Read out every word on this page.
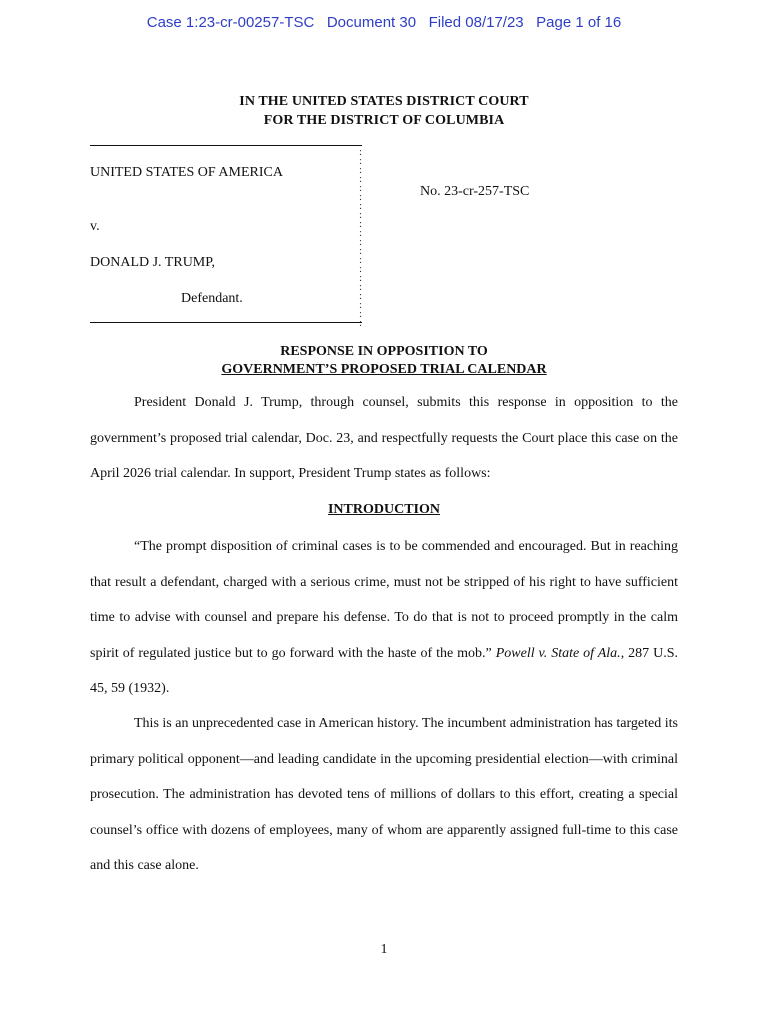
Case 1:23-cr-00257-TSC Document 30 Filed 08/17/23 Page 1 of 16
IN THE UNITED STATES DISTRICT COURT
FOR THE DISTRICT OF COLUMBIA
:
:
:
:
:
:
:
:
:
:
:
:
:
:
:
:
:
:
:
:
UNITED STATES OF AMERICA
No. 23-cr-257-TSC
v.
DONALD J. TRUMP,
Defendant.
RESPONSE IN OPPOSITION TO
GOVERNMENT’S PROPOSED TRIAL CALENDAR
President Donald J. Trump, through counsel, submits this response in opposition to the government’s proposed trial calendar, Doc. 23, and respectfully requests the Court place this case on the April 2026 trial calendar. In support, President Trump states as follows:
INTRODUCTION
“The prompt disposition of criminal cases is to be commended and encouraged. But in reaching that result a defendant, charged with a serious crime, must not be stripped of his right to have sufficient time to advise with counsel and prepare his defense. To do that is not to proceed promptly in the calm spirit of regulated justice but to go forward with the haste of the mob.” Powell v. State of Ala., 287 U.S. 45, 59 (1932).
This is an unprecedented case in American history. The incumbent administration has targeted its primary political opponent—and leading candidate in the upcoming presidential election—with criminal prosecution. The administration has devoted tens of millions of dollars to this effort, creating a special counsel’s office with dozens of employees, many of whom are apparently assigned full-time to this case and this case alone.
1
